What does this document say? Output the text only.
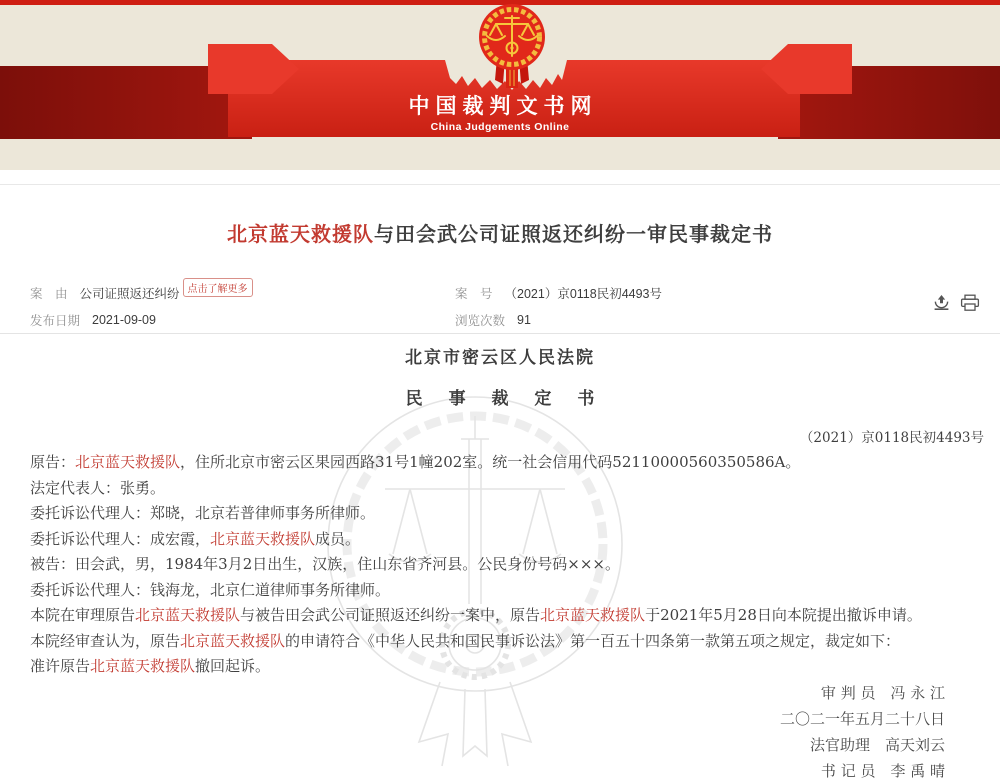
中国裁判文书网
China Judgements Online
北京蓝天救援队与田会武公司证照返还纠纷一审民事裁定书
案　由 公司证照返还纠纷 点击了解更多	案　号 （2021）京0118民初4493号
发布日期 2021-09-09	浏览次数 91
北京市密云区人民法院
民 事 裁 定 书
（2021）京0118民初4493号
原告：北京蓝天救援队，住所北京市密云区果园西路31号1幢202室。统一社会信用代码52110000560350586A。
法定代表人：张勇。
委托诉讼代理人：郑晓，北京若普律师事务所律师。
委托诉讼代理人：成宏霞，北京蓝天救援队成员。
被告：田会武，男，1984年3月2日出生，汉族，住山东省齐河县。公民身份号码×××。
委托诉讼代理人：钱海龙，北京仁道律师事务所律师。
本院在审理原告北京蓝天救援队与被告田会武公司证照返还纠纷一案中，原告北京蓝天救援队于2021年5月28日向本院提出撤诉申请。
本院经审查认为，原告北京蓝天救援队的申请符合《中华人民共和国民事诉讼法》第一百五十四条第一款第五项之规定，裁定如下：
准许原告北京蓝天救援队撤回起诉。
审 判 员　冯 永 江
二〇二一年五月二十八日
法官助理　高天刘云
书 记 员　李 禹 晴
